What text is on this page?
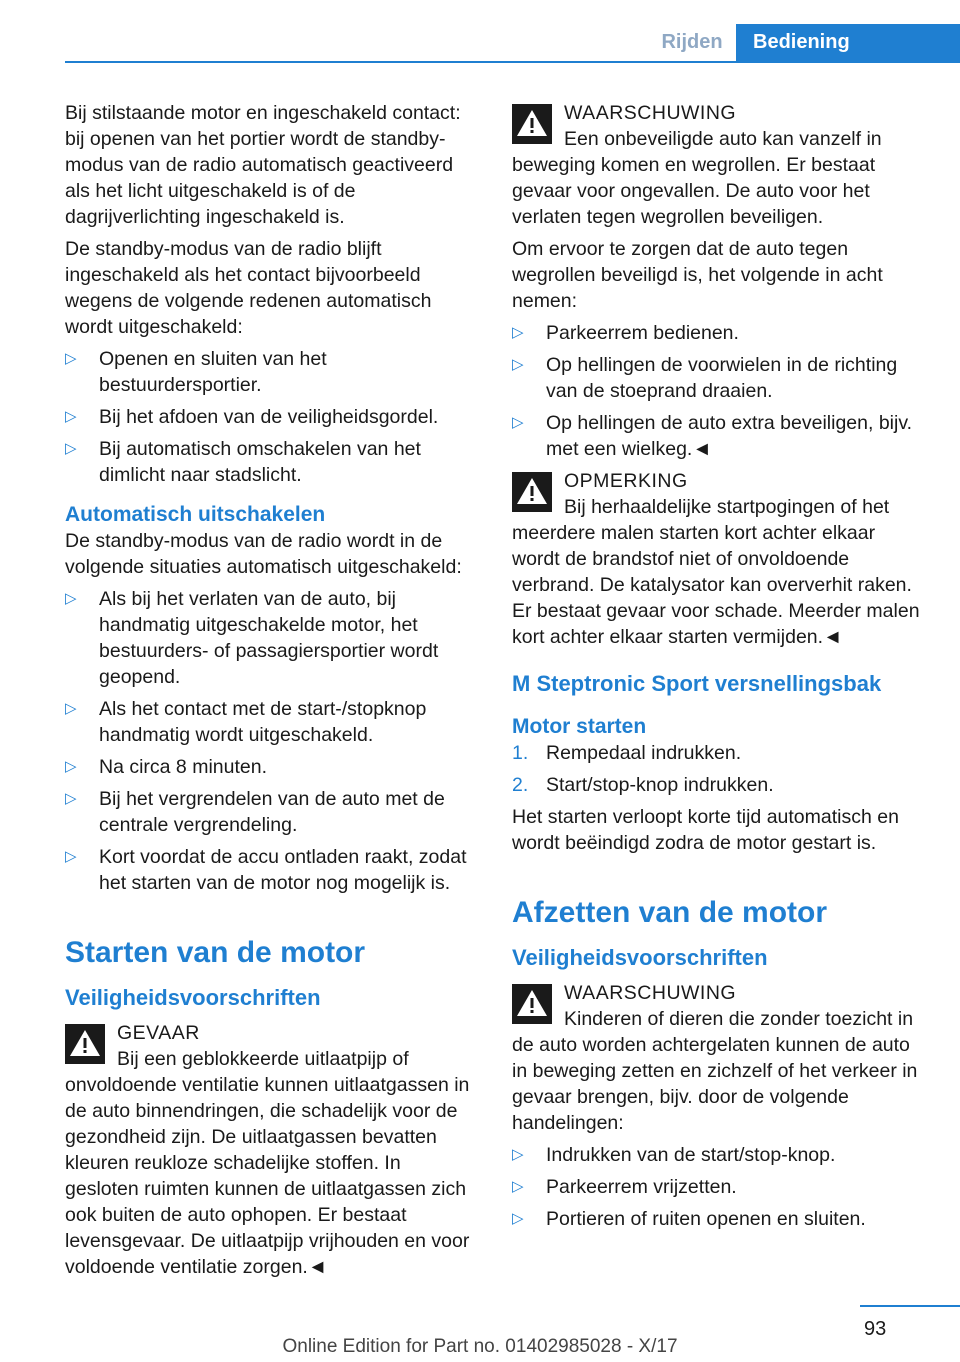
Rijden	Bediening

Bij stilstaande motor en ingeschakeld contact: bij openen van het portier wordt de standby-modus van de radio automatisch geactiveerd als het licht uitgeschakeld is of de dagrijverlichting ingeschakeld is.

De standby-modus van de radio blijft ingeschakeld als het contact bijvoorbeeld wegens de volgende redenen automatisch wordt uitgeschakeld:

▷ Openen en sluiten van het bestuurdersportier.
▷ Bij het afdoen van de veiligheidsgordel.
▷ Bij automatisch omschakelen van het dimlicht naar stadslicht.
Automatisch uitschakelen

De standby-modus van de radio wordt in de volgende situaties automatisch uitgeschakeld:

▷ Als bij het verlaten van de auto, bij handmatig uitgeschakelde motor, het bestuurders- of passagiersportier wordt geopend.
▷ Als het contact met de start-/stopknop handmatig wordt uitgeschakeld.
▷ Na circa 8 minuten.
▷ Bij het vergrendelen van de auto met de centrale vergrendeling.
▷ Kort voordat de accu ontladen raakt, zodat het starten van de motor nog mogelijk is.
Starten van de motor
Veiligheidsvoorschriften
GEVAAR
Bij een geblokkeerde uitlaatpijp of onvoldoende ventilatie kunnen uitlaatgassen in de auto binnendringen, die schadelijk voor de gezondheid zijn. De uitlaatgassen bevatten kleuren reukloze schadelijke stoffen. In gesloten ruimten kunnen de uitlaatgassen zich ook buiten de auto ophopen. Er bestaat levensgevaar. De uitlaatpijp vrijhouden en voor voldoende ventilatie zorgen.◄
WAARSCHUWING
Een onbeveiligde auto kan vanzelf in beweging komen en wegrollen. Er bestaat gevaar voor ongevallen. De auto voor het verlaten tegen wegrollen beveiligen.

Om ervoor te zorgen dat de auto tegen wegrollen beveiligd is, het volgende in acht nemen:

▷ Parkeerrem bedienen.
▷ Op hellingen de voorwielen in de richting van de stoeprand draaien.
▷ Op hellingen de auto extra beveiligen, bijv. met een wielkeg.◄
OPMERKING
Bij herhaaldelijke startpogingen of het meerdere malen starten kort achter elkaar wordt de brandstof niet of onvoldoende verbrand. De katalysator kan oververhit raken. Er bestaat gevaar voor schade. Meerder malen kort achter elkaar starten vermijden.◄
M Steptronic Sport versnellingsbak
Motor starten
1. Rempedaal indrukken.
2. Start/stop-knop indrukken.

Het starten verloopt korte tijd automatisch en wordt beëindigd zodra de motor gestart is.

Afzetten van de motor
Veiligheidsvoorschriften
WAARSCHUWING
Kinderen of dieren die zonder toezicht in de auto worden achtergelaten kunnen de auto in beweging zetten en zichzelf of het verkeer in gevaar brengen, bijv. door de volgende handelingen:
▷ Indrukken van de start/stop-knop.
▷ Parkeerrem vrijzetten.
▷ Portieren of ruiten openen en sluiten.
93
Online Edition for Part no. 01402985028 - X/17
